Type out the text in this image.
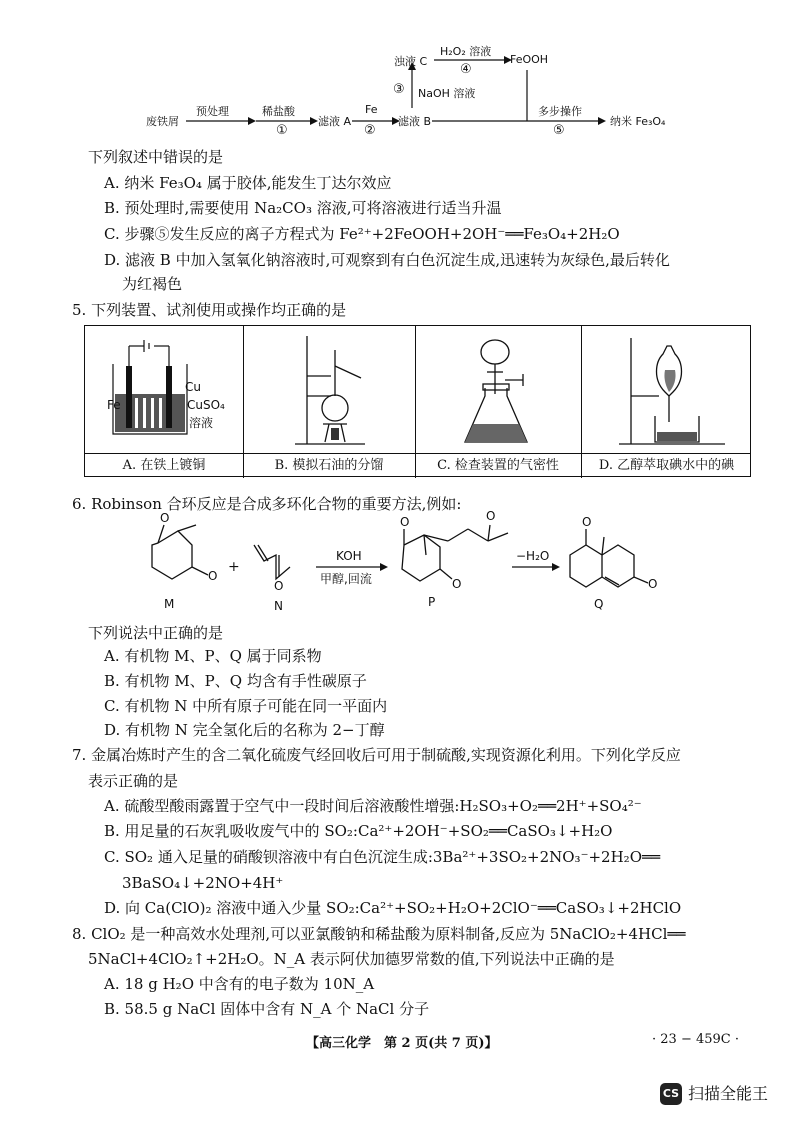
废铁屑
预处理	稀盐酸
①
滤液 A
Fe
②
滤液 B
③ NaOH 溶液
浊液 C
H₂O₂ 溶液
④
FeOOH
多步操作
⑤
纳米 Fe₃O₄
下列叙述中错误的是
A. 纳米 Fe₃O₄ 属于胶体,能发生丁达尔效应
B. 预处理时,需要使用 Na₂CO₃ 溶液,可将溶液进行适当升温
C. 步骤⑤发生反应的离子方程式为 Fe²⁺+2FeOOH+2OH⁻══Fe₃O₄+2H₂O
D. 滤液 B 中加入氢氧化钠溶液时,可观察到有白色沉淀生成,迅速转为灰绿色,最后转化
为红褐色
5. 下列装置、试剂使用或操作均正确的是
Cu
Fe	CuSO₄
溶液
A. 在铁上镀铜	B. 模拟石油的分馏	C. 检查装置的气密性	D. 乙醇萃取碘水中的碘
6. Robinson 合环反应是合成多环化合物的重要方法,例如:
O
O
O
O
O
O	O
O
+
KOH
甲醇,回流
−H₂O
M	N	P	Q
下列说法中正确的是
A. 有机物 M、P、Q 属于同系物
B. 有机物 M、P、Q 均含有手性碳原子
C. 有机物 N 中所有原子可能在同一平面内
D. 有机物 N 完全氢化后的名称为 2−丁醇
7. 金属冶炼时产生的含二氧化硫废气经回收后可用于制硫酸,实现资源化利用。下列化学反应
表示正确的是
A. 硫酸型酸雨露置于空气中一段时间后溶液酸性增强:H₂SO₃+O₂══2H⁺+SO₄²⁻
B. 用足量的石灰乳吸收废气中的 SO₂:Ca²⁺+2OH⁻+SO₂══CaSO₃↓+H₂O
C. SO₂ 通入足量的硝酸钡溶液中有白色沉淀生成:3Ba²⁺+3SO₂+2NO₃⁻+2H₂O══
3BaSO₄↓+2NO+4H⁺
D. 向 Ca(ClO)₂ 溶液中通入少量 SO₂:Ca²⁺+SO₂+H₂O+2ClO⁻══CaSO₃↓+2HClO
8. ClO₂ 是一种高效水处理剂,可以亚氯酸钠和稀盐酸为原料制备,反应为 5NaClO₂+4HCl══
5NaCl+4ClO₂↑+2H₂O。N_A 表示阿伏加德罗常数的值,下列说法中正确的是
A. 18 g H₂O 中含有的电子数为 10N_A
B. 58.5 g NaCl 固体中含有 N_A 个 NaCl 分子
【高三化学　第 2 页(共 7 页)】	· 23 − 459C ·
CS 扫描全能王
